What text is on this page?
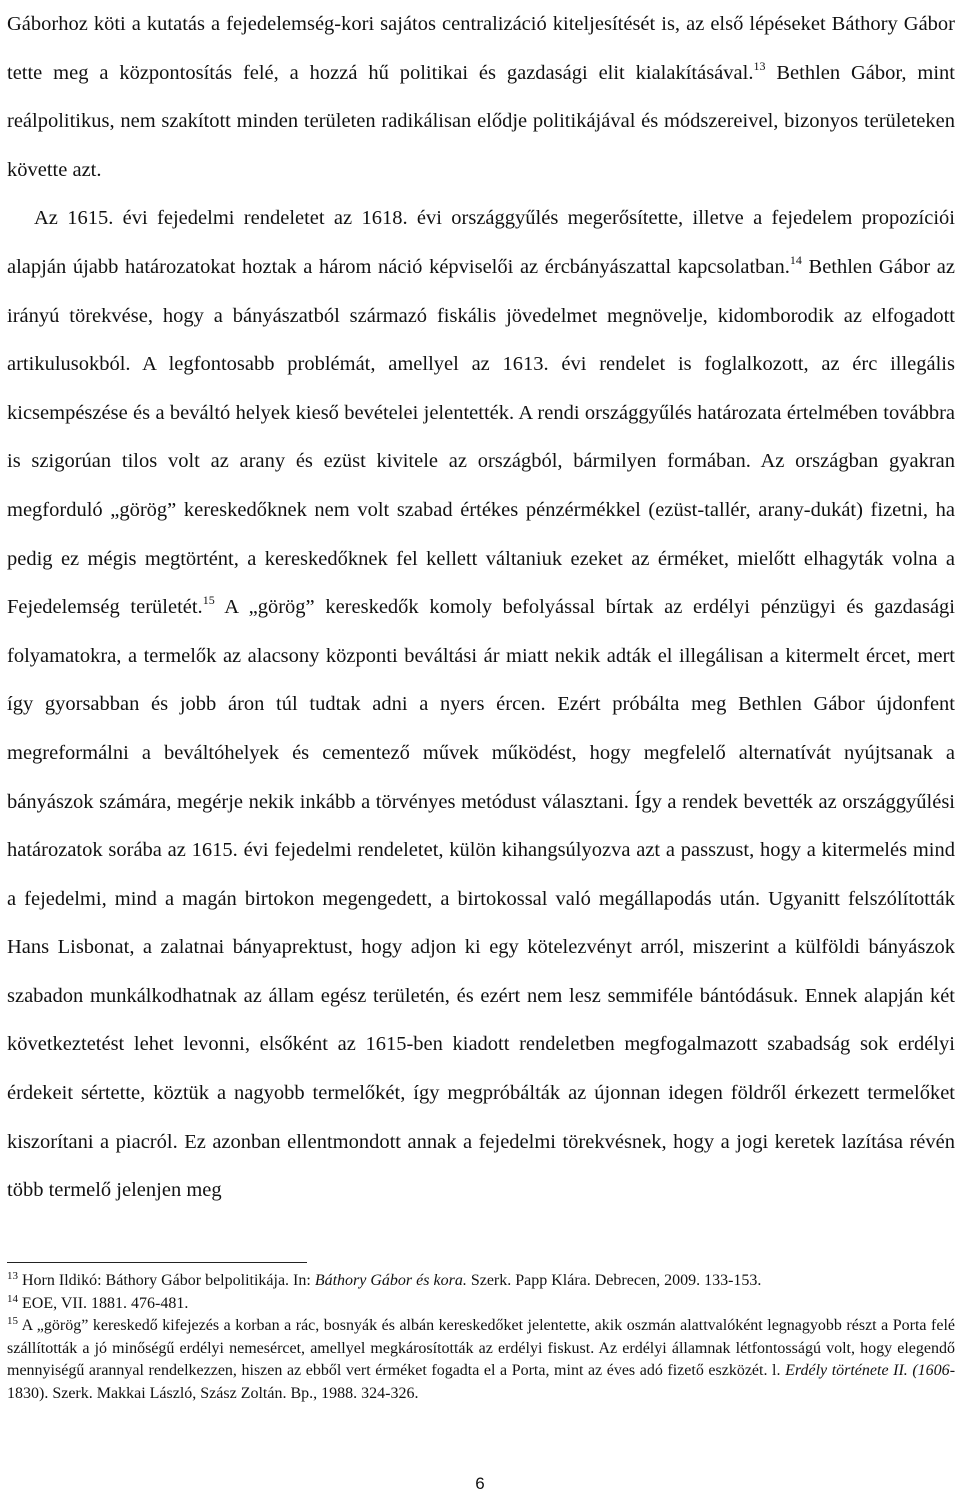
Gáborhoz köti a kutatás a fejedelemség-kori sajátos centralizáció kiteljesítését is, az első lépéseket Báthory Gábor tette meg a központosítás felé, a hozzá hű politikai és gazdasági elit kialakításával.$^{13}$ Bethlen Gábor, mint reálpolitikus, nem szakított minden területen radikálisan elődje politikájával és módszereivel, bizonyos területeken követte azt.

Az 1615. évi fejedelmi rendeletet az 1618. évi országgyűlés megerősítette, illetve a fejedelem propozíciói alapján újabb határozatokat hoztak a három náció képviselői az ércbányászattal kapcsolatban.$^{14}$ Bethlen Gábor az irányú törekvése, hogy a bányászatból származó fiskális jövedelmet megnövelje, kidomborodik az elfogadott artikulusokból. A legfontosabb problémát, amellyel az 1613. évi rendelet is foglalkozott, az érc illegális kicsempészése és a beváltó helyek kieső bevételei jelentették. A rendi országgyűlés határozata értelmében továbbra is szigorúan tilos volt az arany és ezüst kivitele az országból, bármilyen formában. Az országban gyakran megforduló „görög” kereskedőknek nem volt szabad értékes pénzérmékkel (ezüst-tallér, arany-dukát) fizetni, ha pedig ez mégis megtörtént, a kereskedőknek fel kellett váltaniuk ezeket az érméket, mielőtt elhagyták volna a Fejedelemség területét.$^{15}$ A „görög” kereskedők komoly befolyással bírtak az erdélyi pénzügyi és gazdasági folyamatokra, a termelők az alacsony központi beváltási ár miatt nekik adták el illegálisan a kitermelt ércet, mert így gyorsabban és jobb áron túl tudtak adni a nyers ércen. Ezért próbálta meg Bethlen Gábor újdonfent megreformálni a beváltóhelyek és cementező művek működést, hogy megfelelő alternatívát nyújtsanak a bányászok számára, megérje nekik inkább a törvényes metódust választani. Így a rendek bevették az országgyűlési határozatok sorába az 1615. évi fejedelmi rendeletet, külön kihangsúlyozva azt a passzust, hogy a kitermelés mind a fejedelmi, mind a magán birtokon megengedett, a birtokossal való megállapodás után. Ugyanitt felszólították Hans Lisbonat, a zalatnai bányaprektust, hogy adjon ki egy kötelezvényt arról, miszerint a külföldi bányászok szabadon munkálkodhatnak az állam egész területén, és ezért nem lesz semmiféle bántódásuk. Ennek alapján két következtetést lehet levonni, elsőként az 1615-ben kiadott rendeletben megfogalmazott szabadság sok erdélyi érdekeit sértette, köztük a nagyobb termelőkét, így megpróbálták az újonnan idegen földről érkezett termelőket kiszorítani a piacról. Ez azonban ellentmondott annak a fejedelmi törekvésnek, hogy a jogi keretek lazítása révén több termelő jelenjen meg

$^{13}$ Horn Ildikó: Báthory Gábor belpolitikája. In: Báthory Gábor és kora. Szerk. Papp Klára. Debrecen, 2009. 133-153.

$^{14}$ EOE, VII. 1881. 476-481.

$^{15}$ A „görög” kereskedő kifejezés a korban a rác, bosnyák és albán kereskedőket jelentette, akik oszmán alattvalóként legnagyobb részt a Porta felé szállították a jó minőségű erdélyi nemesércet, amellyel megkárosították az erdélyi fiskust. Az erdélyi államnak létfontosságú volt, hogy elegendő mennyiségű arannyal rendelkezzen, hiszen az ebből vert érméket fogadta el a Porta, mint az éves adó fizető eszközét. l. Erdély története II. (1606-1830). Szerk. Makkai László, Szász Zoltán. Bp., 1988. 324-326.

6
